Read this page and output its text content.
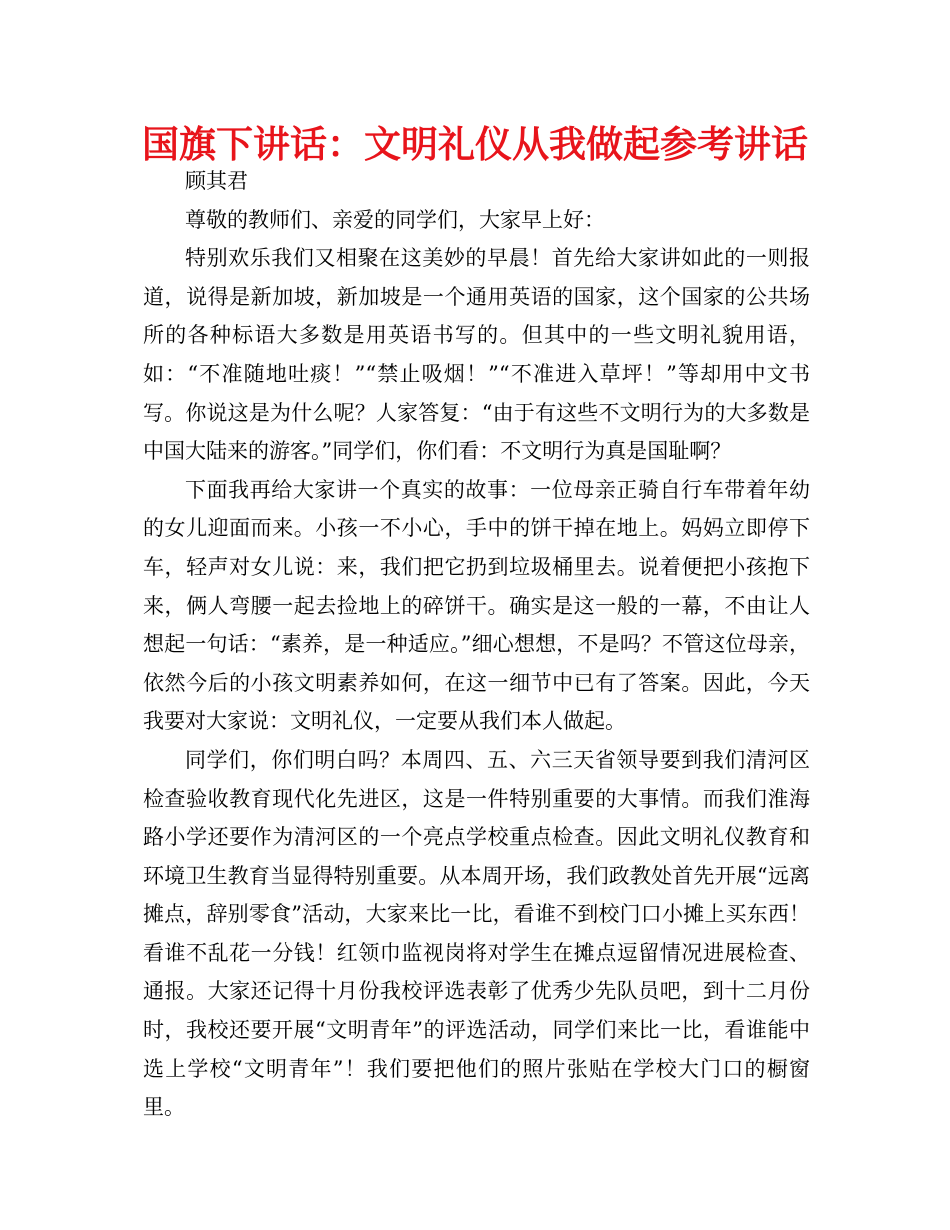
国旗下讲话：文明礼仪从我做起参考讲话

顾其君

尊敬的教师们、亲爱的同学们，大家早上好：

特别欢乐我们又相聚在这美妙的早晨！首先给大家讲如此的一则报道，说得是新加坡，新加坡是一个通用英语的国家，这个国家的公共场所的各种标语大多数是用英语书写的。但其中的一些文明礼貌用语，如：“不准随地吐痰！”“禁止吸烟！”“不准进入草坪！”等却用中文书写。你说这是为什么呢？人家答复：“由于有这些不文明行为的大多数是中国大陆来的游客。”同学们，你们看：不文明行为真是国耻啊？

下面我再给大家讲一个真实的故事：一位母亲正骑自行车带着年幼的女儿迎面而来。小孩一不小心，手中的饼干掉在地上。妈妈立即停下车，轻声对女儿说：来，我们把它扔到垃圾桶里去。说着便把小孩抱下来，俩人弯腰一起去捡地上的碎饼干。确实是这一般的一幕，不由让人想起一句话：“素养，是一种适应。”细心想想，不是吗？不管这位母亲，依然今后的小孩文明素养如何，在这一细节中已有了答案。因此，今天我要对大家说：文明礼仪，一定要从我们本人做起。

同学们，你们明白吗？本周四、五、六三天省领导要到我们清河区检查验收教育现代化先进区，这是一件特别重要的大事情。而我们淮海路小学还要作为清河区的一个亮点学校重点检查。因此文明礼仪教育和环境卫生教育当显得特别重要。从本周开场，我们政教处首先开展“远离摊点，辞别零食”活动，大家来比一比，看谁不到校门口小摊上买东西！看谁不乱花一分钱！红领巾监视岗将对学生在摊点逗留情况进展检查、通报。大家还记得十月份我校评选表彰了优秀少先队员吧，到十二月份时，我校还要开展“文明青年”的评选活动，同学们来比一比，看谁能中选上学校“文明青年”！我们要把他们的照片张贴在学校大门口的橱窗里。
